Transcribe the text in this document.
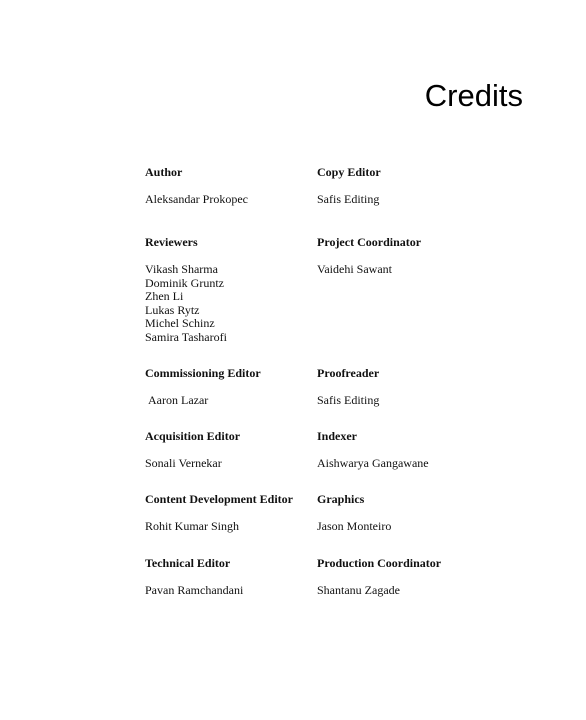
Credits
Author
Aleksandar Prokopec
Copy Editor
Safis Editing
Reviewers
Vikash Sharma
Dominik Gruntz
Zhen Li
Lukas Rytz
Michel Schinz
Samira Tasharofi
Project Coordinator
Vaidehi Sawant
Commissioning Editor
Aaron Lazar
Proofreader
Safis Editing
Acquisition Editor
Sonali Vernekar
Indexer
Aishwarya Gangawane
Content Development Editor
Rohit Kumar Singh
Graphics
Jason Monteiro
Technical Editor
Pavan Ramchandani
Production Coordinator
Shantanu Zagade
